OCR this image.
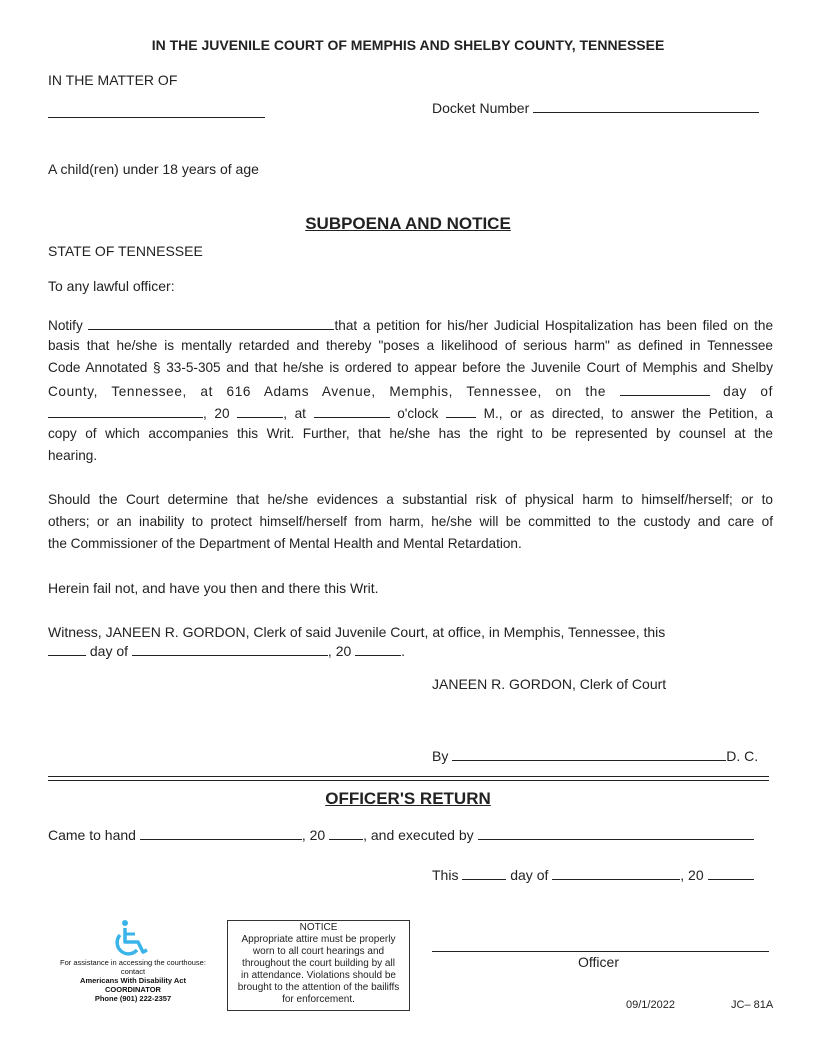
IN THE JUVENILE COURT OF MEMPHIS AND SHELBY COUNTY, TENNESSEE
IN THE MATTER OF
Docket Number
A child(ren) under 18 years of age
SUBPOENA AND NOTICE
STATE OF TENNESSEE
To any lawful officer:
Notify	that a petition for his/her Judicial Hospitalization has been filed on the
basis that he/she is mentally retarded and thereby "poses a likelihood of serious harm" as defined in Tennessee
Code Annotated § 33-5-305 and that he/she is ordered to appear before the Juvenile Court of Memphis and Shelby
County, Tennessee, at 616 Adams Avenue, Memphis, Tennessee, on the	day of
, 20	, at	o'clock	M., or as directed, to answer the Petition, a
copy of which accompanies this Writ. Further, that he/she has the right to be represented by counsel at the
hearing.
Should the Court determine that he/she evidences a substantial risk of physical harm to himself/herself; or to
others; or an inability to protect himself/herself from harm, he/she will be committed to the custody and care of
the Commissioner of the Department of Mental Health and Mental Retardation.
Herein fail not, and have you then and there this Writ.
Witness, JANEEN R. GORDON, Clerk of said Juvenile Court, at office, in Memphis, Tennessee, this
day of	, 20	.
JANEEN R. GORDON, Clerk of Court
By	D. C.
OFFICER'S RETURN
Came to hand	, 20	, and executed by
This	day of	, 20
Officer
For assistance in accessing the courthouse:
contact
Americans With Disability Act
COORDINATOR
Phone (901) 222-2357
NOTICE
Appropriate attire must be properly
worn to all court hearings and
throughout the court building by all
in attendance. Violations should be
brought to the attention of the bailiffs
for enforcement.	09/1/2022	JC– 81A
